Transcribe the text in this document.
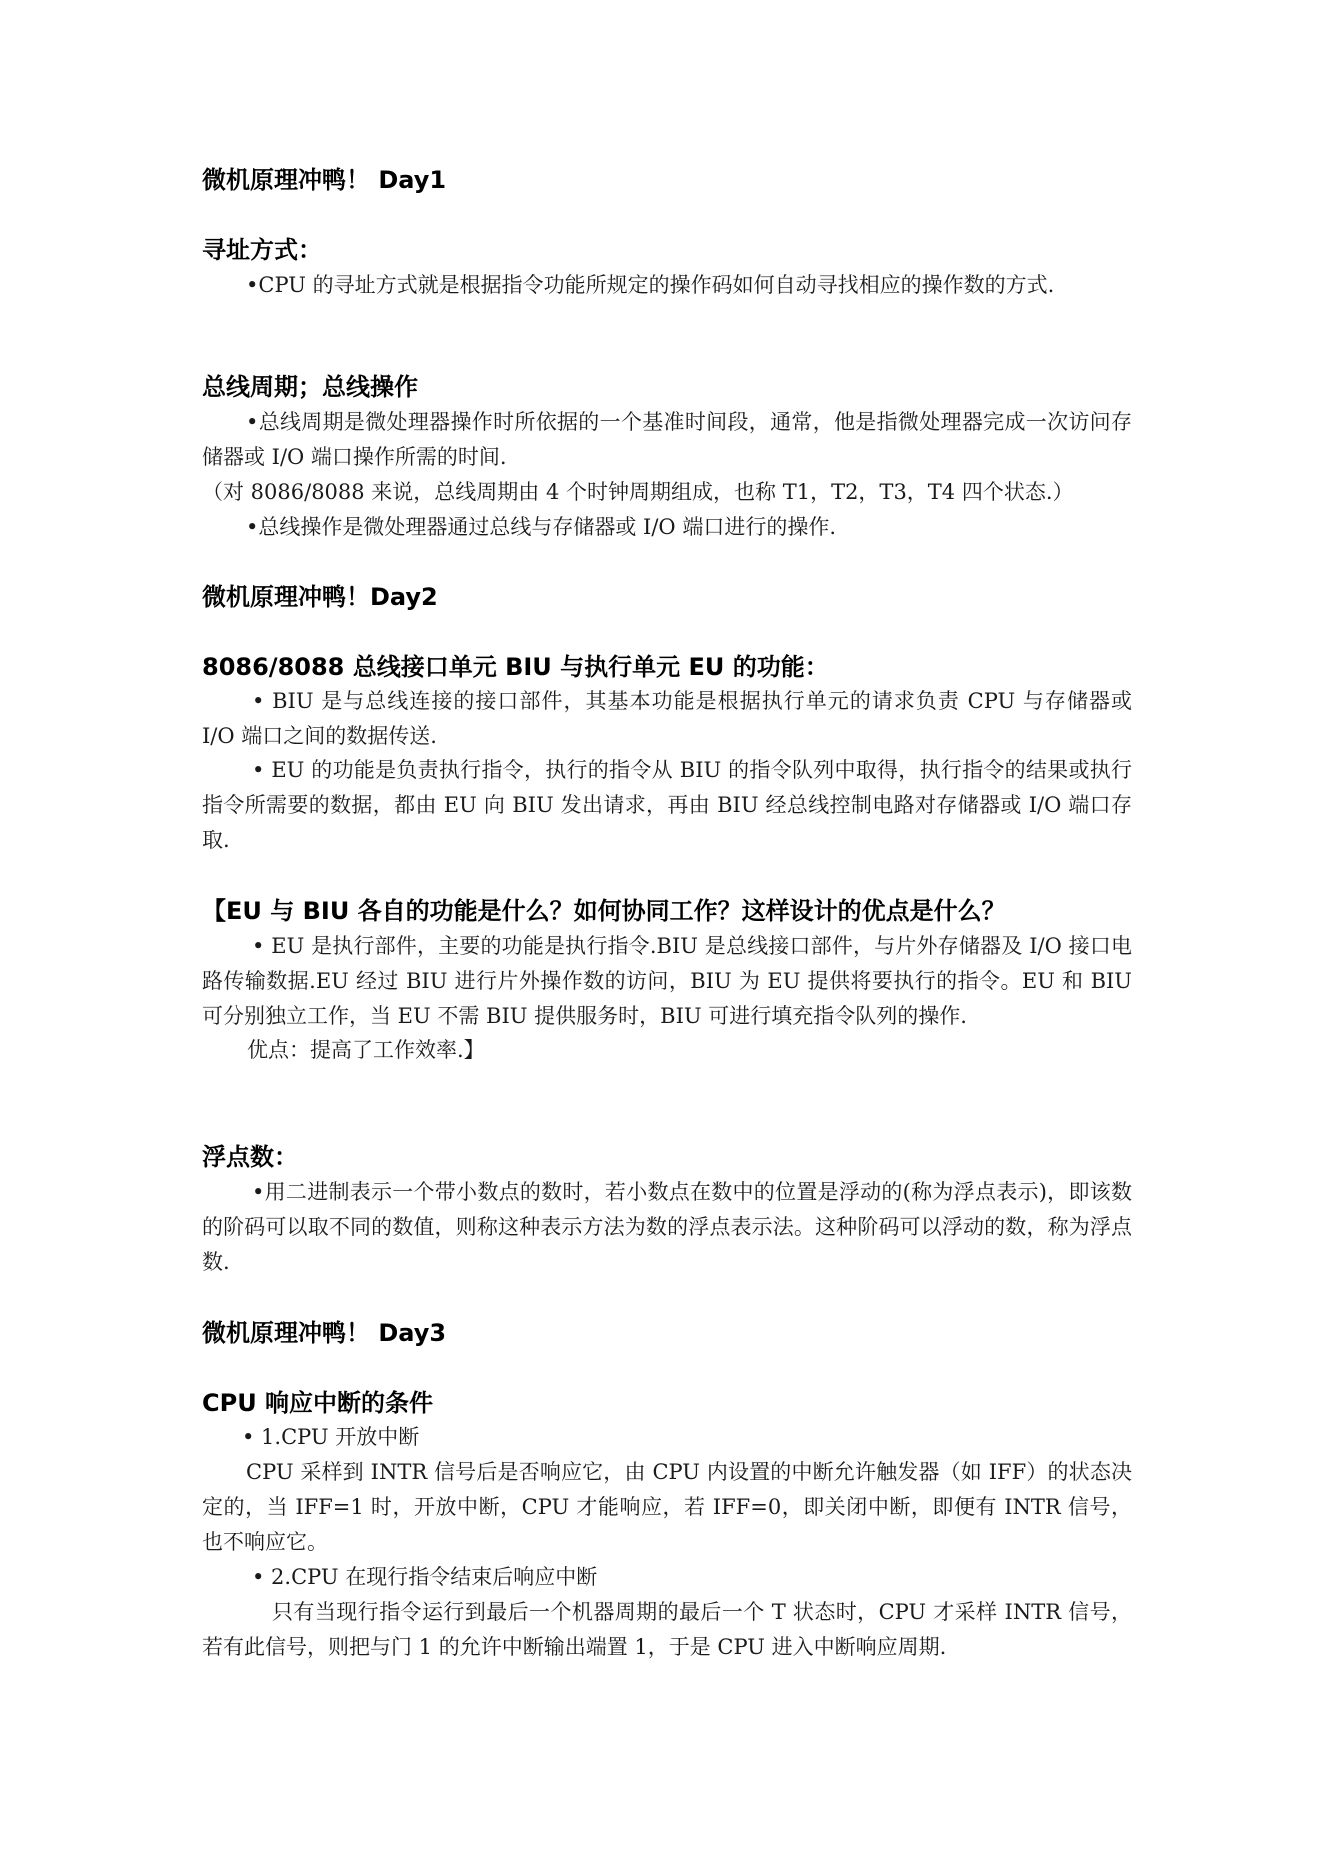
微机原理冲鸭！ Day1
寻址方式：
•CPU 的寻址方式就是根据指令功能所规定的操作码如何自动寻找相应的操作数的方式.
总线周期；总线操作
•总线周期是微处理器操作时所依据的一个基准时间段，通常，他是指微处理器完成一次访问存储器或 I/O 端口操作所需的时间.
（对 8086/8088 来说，总线周期由 4 个时钟周期组成，也称 T1，T2，T3，T4 四个状态.）
•总线操作是微处理器通过总线与存储器或 I/O 端口进行的操作.
微机原理冲鸭！Day2
8086/8088 总线接口单元 BIU 与执行单元 EU 的功能：
• BIU 是与总线连接的接口部件，其基本功能是根据执行单元的请求负责 CPU 与存储器或 I/O 端口之间的数据传送.
• EU 的功能是负责执行指令，执行的指令从 BIU 的指令队列中取得，执行指令的结果或执行指令所需要的数据，都由 EU 向 BIU 发出请求，再由 BIU 经总线控制电路对存储器或 I/O 端口存取.
【EU 与 BIU 各自的功能是什么？如何协同工作？这样设计的优点是什么？
• EU 是执行部件，主要的功能是执行指令.BIU 是总线接口部件，与片外存储器及 I/O 接口电路传输数据.EU 经过 BIU 进行片外操作数的访问，BIU 为 EU 提供将要执行的指令。EU 和 BIU 可分别独立工作，当 EU 不需 BIU 提供服务时，BIU 可进行填充指令队列的操作.
优点：提高了工作效率.】
浮点数：
•用二进制表示一个带小数点的数时，若小数点在数中的位置是浮动的(称为浮点表示)，即该数的阶码可以取不同的数值，则称这种表示方法为数的浮点表示法。这种阶码可以浮动的数，称为浮点数.
微机原理冲鸭！ Day3
CPU 响应中断的条件
• 1.CPU 开放中断
CPU 采样到 INTR 信号后是否响应它，由 CPU 内设置的中断允许触发器（如 IFF）的状态决定的，当 IFF=1 时，开放中断，CPU 才能响应，若 IFF=0，即关闭中断，即便有 INTR 信号，也不响应它。
• 2.CPU 在现行指令结束后响应中断
只有当现行指令运行到最后一个机器周期的最后一个 T 状态时，CPU 才采样 INTR 信号，若有此信号，则把与门 1 的允许中断输出端置 1，于是 CPU 进入中断响应周期.
